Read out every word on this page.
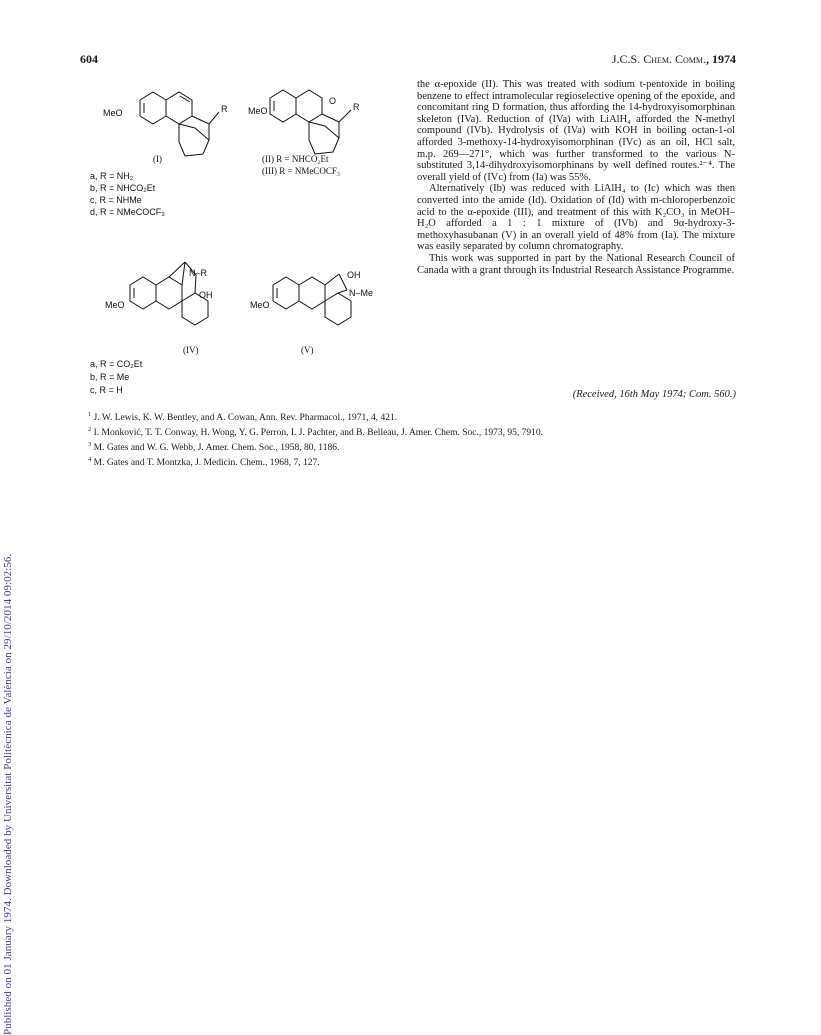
Published on 01 January 1974. Downloaded by Universitat Politècnica de València on 29/10/2014 09:02:56.
604	J.C.S. Chem. Comm., 1974
MeO	R
(I)
a, R = NH₂
b, R = NHCO₂Et
c, R = NHMe
d, R = NMeCOCF₃
MeO
O
R
(II) R = NHCO₂Et
(III) R = NMeCOCF₃
N–R
OH
MeO
(IV)
a, R = CO₂Et
b, R = Me
c, R = H
OH
N–Me
MeO
(V)

the α-epoxide (II). This was treated with sodium t-pentoxide in boiling benzene to effect intramolecular regioselective opening of the epoxide, and concomitant ring D formation, thus affording the 14-hydroxyisomorphinan skeleton (IVa). Reduction of (IVa) with LiAlH₄ afforded the N-methyl compound (IVb). Hydrolysis of (IVa) with KOH in boiling octan-1-ol afforded 3-methoxy-14-hydroxyisomorphinan (IVc) as an oil, HCl salt, m.p. 269—271°, which was further transformed to the various N-substituted 3,14-dihydroxyisomorphinans by well defined routes.²⁻⁴. The overall yield of (IVc) from (Ia) was 55%.

Alternatively (Ib) was reduced with LiAlH₄ to (Ic) which was then converted into the amide (Id). Oxidation of (Id) with m-chloroperbenzoic acid to the α-epoxide (III), and treatment of this with K₂CO₃ in MeOH–H₂O afforded a 1 : 1 mixture of (IVb) and 9α-hydroxy-3-methoxyhasubanan (V) in an overall yield of 48% from (Ia). The mixture was easily separated by column chromatography.

This work was supported in part by the National Research Council of Canada with a grant through its Industrial Research Assistance Programme.

(Received, 16th May 1974; Com. 560.)
$^1$ J. W. Lewis, K. W. Bentley, and A. Cowan, Ann. Rev. Pharmacol., 1971, 4, 421.
$^2$ I. Monković, T. T. Conway, H. Wong, Y. G. Perron, I. J. Pachter, and B. Belleau, J. Amer. Chem. Soc., 1973, 95, 7910.
$^3$ M. Gates and W. G. Webb, J. Amer. Chem. Soc., 1958, 80, 1186.
$^4$ M. Gates and T. Montzka, J. Medicin. Chem., 1968, 7, 127.
